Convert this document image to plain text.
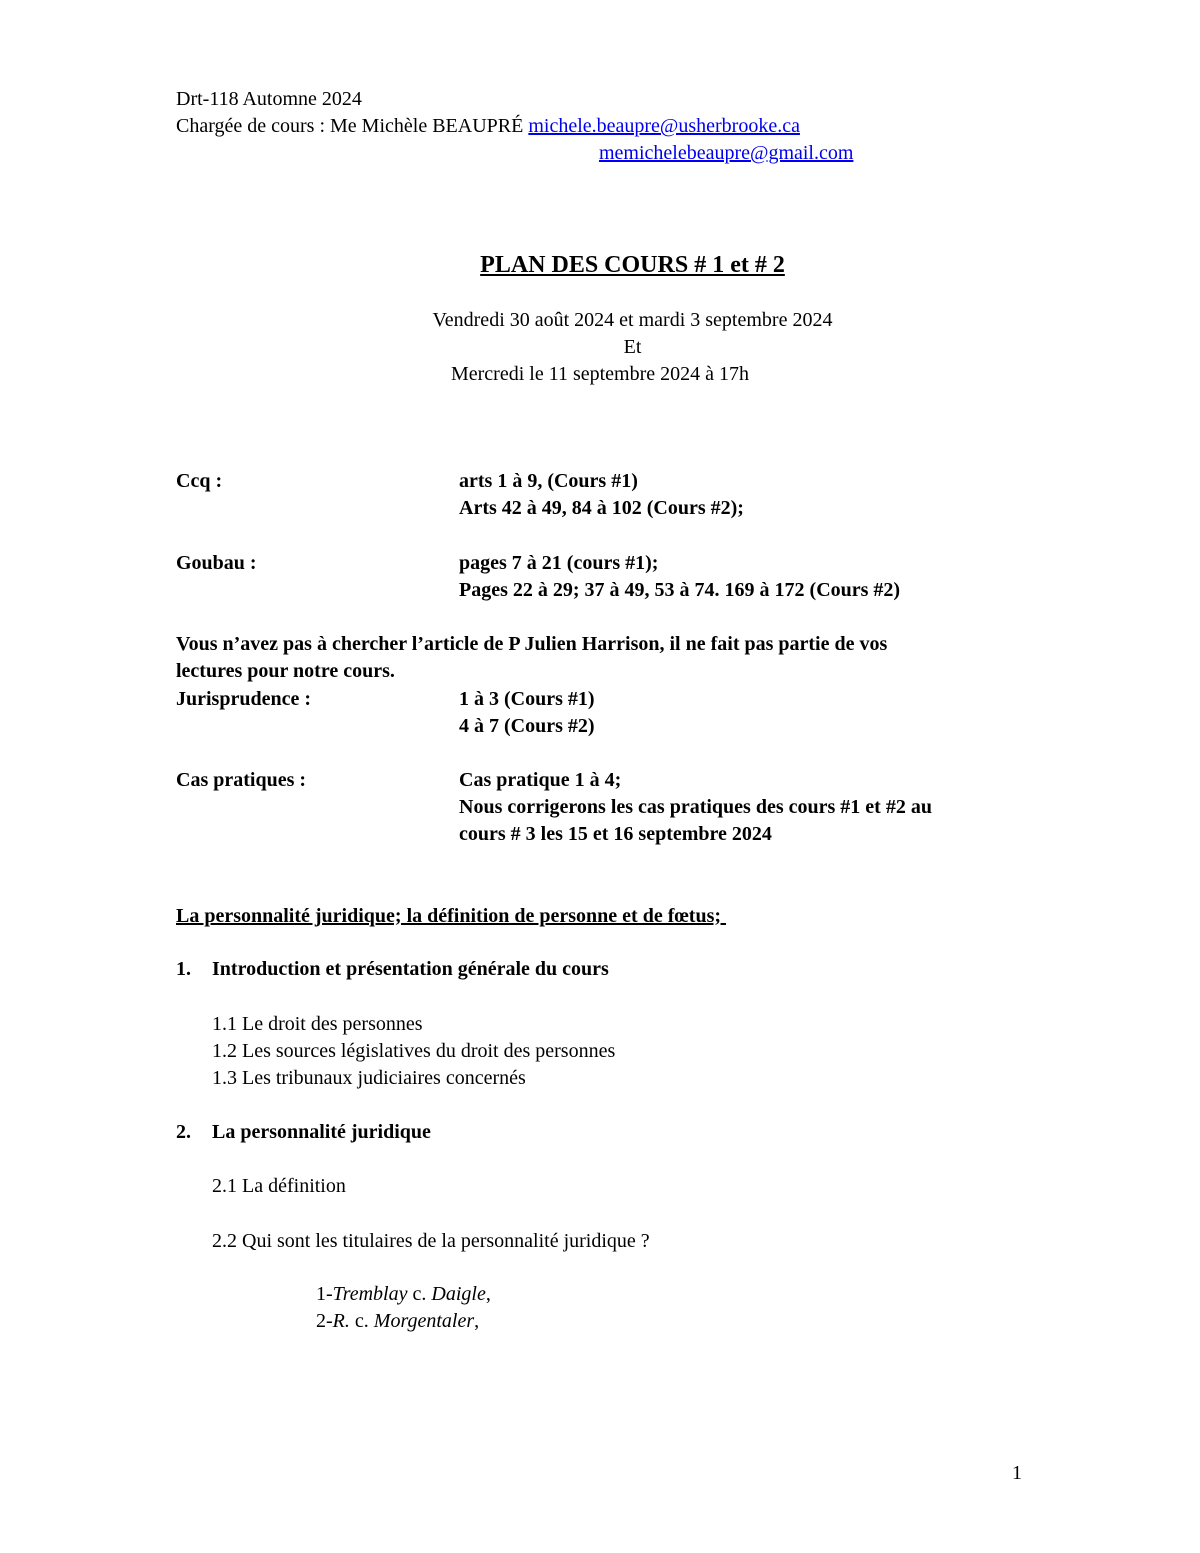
Drt-118 Automne 2024
Chargée de cours : Me Michèle BEAUPRÉ michele.beaupre@usherbrooke.ca
memichelebeaupre@gmail.com
PLAN DES COURS # 1 et # 2
Vendredi 30 août 2024 et mardi 3 septembre 2024
Et
Mercredi le 11 septembre 2024 à 17h
Ccq :	arts 1 à 9, (Cours #1)
Arts 42 à 49, 84 à 102 (Cours #2);
Goubau :	pages 7 à 21 (cours #1);
Pages 22 à 29; 37 à 49, 53 à 74. 169 à 172 (Cours #2)
Vous n’avez pas à chercher l’article de P Julien Harrison, il ne fait pas partie de vos
lectures pour notre cours.
Jurisprudence :	1 à 3 (Cours #1)
4 à 7 (Cours #2)
Cas pratiques :	Cas pratique 1 à 4;
Nous corrigerons les cas pratiques des cours #1 et #2 au
cours # 3 les 15 et 16 septembre 2024
La personnalité juridique; la définition de personne et de fœtus;
1. Introduction et présentation générale du cours
1.1 Le droit des personnes
1.2 Les sources législatives du droit des personnes
1.3 Les tribunaux judiciaires concernés
2. La personnalité juridique
2.1 La définition
2.2 Qui sont les titulaires de la personnalité juridique ?
1-Tremblay c. Daigle,
2-R. c. Morgentaler,
1
